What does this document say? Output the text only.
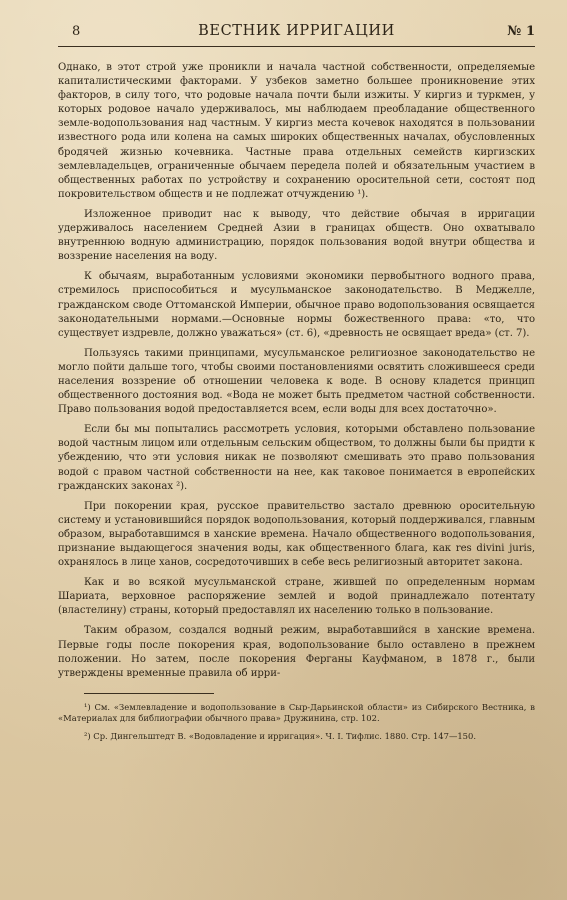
8	ВЕСТНИК ИРРИГАЦИИ	№ 1

Однако, в этот строй уже проникли и начала частной собственности, определяемые капиталистическими факторами. У узбеков заметно большее проникновение этих факторов, в силу того, что родовые начала почти были изжиты. У киргиз и туркмен, у которых родовое начало удерживалось, мы наблюдаем преобладание общественного земле-водопользования над частным. У киргиз места кочевок находятся в пользовании известного рода или колена на самых широких общественных началах, обусловленных бродячей жизнью кочевника. Частные права отдельных семейств киргизских землевладельцев, ограниченные обычаем передела полей и обязательным участием в общественных работах по устройству и сохранению оросительной сети, состоят под покровительством обществ и не подлежат отчуждению ¹).

Изложенное приводит нас к выводу, что действие обычая в ирригации удерживалось населением Средней Азии в границах обществ. Оно охватывало внутреннюю водную администрацию, порядок пользования водой внутри общества и воззрение населения на воду.

К обычаям, выработанным условиями экономики первобытного водного права, стремилось приспособиться и мусульманское законодательство. В Меджелле, гражданском своде Оттоманской Империи, обычное право водопользования освящается законодательными нормами.—Основные нормы божественного права: «то, что существует издревле, должно уважаться» (ст. 6), «древность не освящает вреда» (ст. 7).

Пользуясь такими принципами, мусульманское религиозное законодательство не могло пойти дальше того, чтобы своими постановлениями освятить сложившееся среди населения воззрение об отношении человека к воде. В основу кладется принцип общественного достояния вод. «Вода не может быть предметом частной собственности. Право пользования водой предоставляется всем, если воды для всех достаточно».

Если бы мы попытались рассмотреть условия, которыми обставлено пользование водой частным лицом или отдельным сельским обществом, то должны были бы придти к убеждению, что эти условия никак не позволяют смешивать это право пользования водой с правом частной собственности на нее, как таковое понимается в европейских гражданских законах ²).

При покорении края, русское правительство застало древнюю оросительную систему и установившийся порядок водопользования, который поддерживался, главным образом, выработавшимся в ханские времена. Начало общественного водопользования, признание выдающегося значения воды, как общественного блага, как res divini juris, охранялось в лице ханов, сосредоточивших в себе весь религиозный авторитет закона.

Как и во всякой мусульманской стране, жившей по определенным нормам Шариата, верховное распоряжение землей и водой принадлежало потентату (властелину) страны, который предоставлял их населению только в пользование.

Таким образом, создался водный режим, выработавшийся в ханские времена. Первые годы после покорения края, водопользование было оставлено в прежнем положении. Но затем, после покорения Ферганы Кауфманом, в 1878 г., были утверждены временные правила об ирри-

¹) См. «Землевладение и водопользование в Сыр-Дарьинской области» из Сибирского Вестника, в «Материалах для библиографии обычного права» Дружинина, стр. 102.

²) Ср. Дингельштедт В. «Водовладение и ирригация». Ч. I. Тифлис. 1880. Стр. 147—150.
